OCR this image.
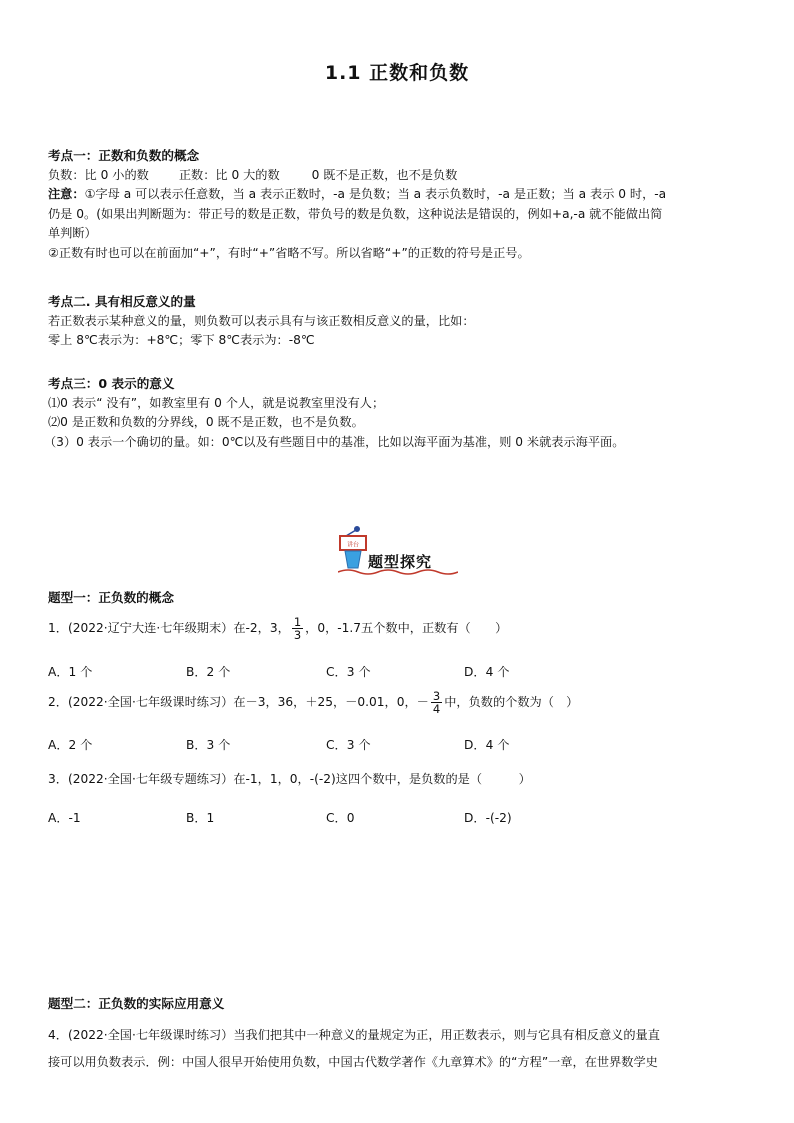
1.1 正数和负数

考点一：正数和负数的概念

负数：比 0 小的数 正数：比 0 大的数	0 既不是正数，也不是负数

注意：①字母 a 可以表示任意数，当 a 表示正数时，-a 是负数；当 a 表示负数时，-a 是正数；当 a 表示 0 时，-a

仍是 0。(如果出判断题为：带正号的数是正数，带负号的数是负数，这种说法是错误的，例如+a,-a 就不能做出简

单判断）

②正数有时也可以在前面加“+”，有时“+”省略不写。所以省略“+”的正数的符号是正号。

考点二. 具有相反意义的量

若正数表示某种意义的量，则负数可以表示具有与该正数相反意义的量，比如：

零上 8℃表示为：+8℃；零下 8℃表示为：-8℃

考点三：0 表示的意义

⑴0 表示“ 没有”，如教室里有 0 个人，就是说教室里没有人；

⑵0 是正数和负数的分界线，0 既不是正数，也不是负数。

（3）0 表示一个确切的量。如：0℃以及有些题目中的基准，比如以海平面为基准，则 0 米就表示海平面。

讲台
题型探究

题型一：正负数的概念

1．(2022·辽宁大连·七年级期末）在-2，3， $\frac{1}{3}$ ，0，-1.7五个数中，正数有（　　）

A．1 个	B．2 个	C．3 个	D．4 个

2．(2022·全国·七年级课时练习）在－3，36，＋25，－0.01，0，－ $\frac{3}{4}$ 中，负数的个数为（　）

A．2 个	B．3 个	C．3 个	D．4 个

3．(2022·全国·七年级专题练习）在-1，1，0，-(-2)这四个数中，是负数的是（　　　）

A．-1	B．1	C．0	D．-(-2)

题型二：正负数的实际应用意义

4．(2022·全国·七年级课时练习）当我们把其中一种意义的量规定为正，用正数表示，则与它具有相反意义的量直

接可以用负数表示．例：中国人很早开始使用负数，中国古代数学著作《九章算术》的“方程”一章，在世界数学史
